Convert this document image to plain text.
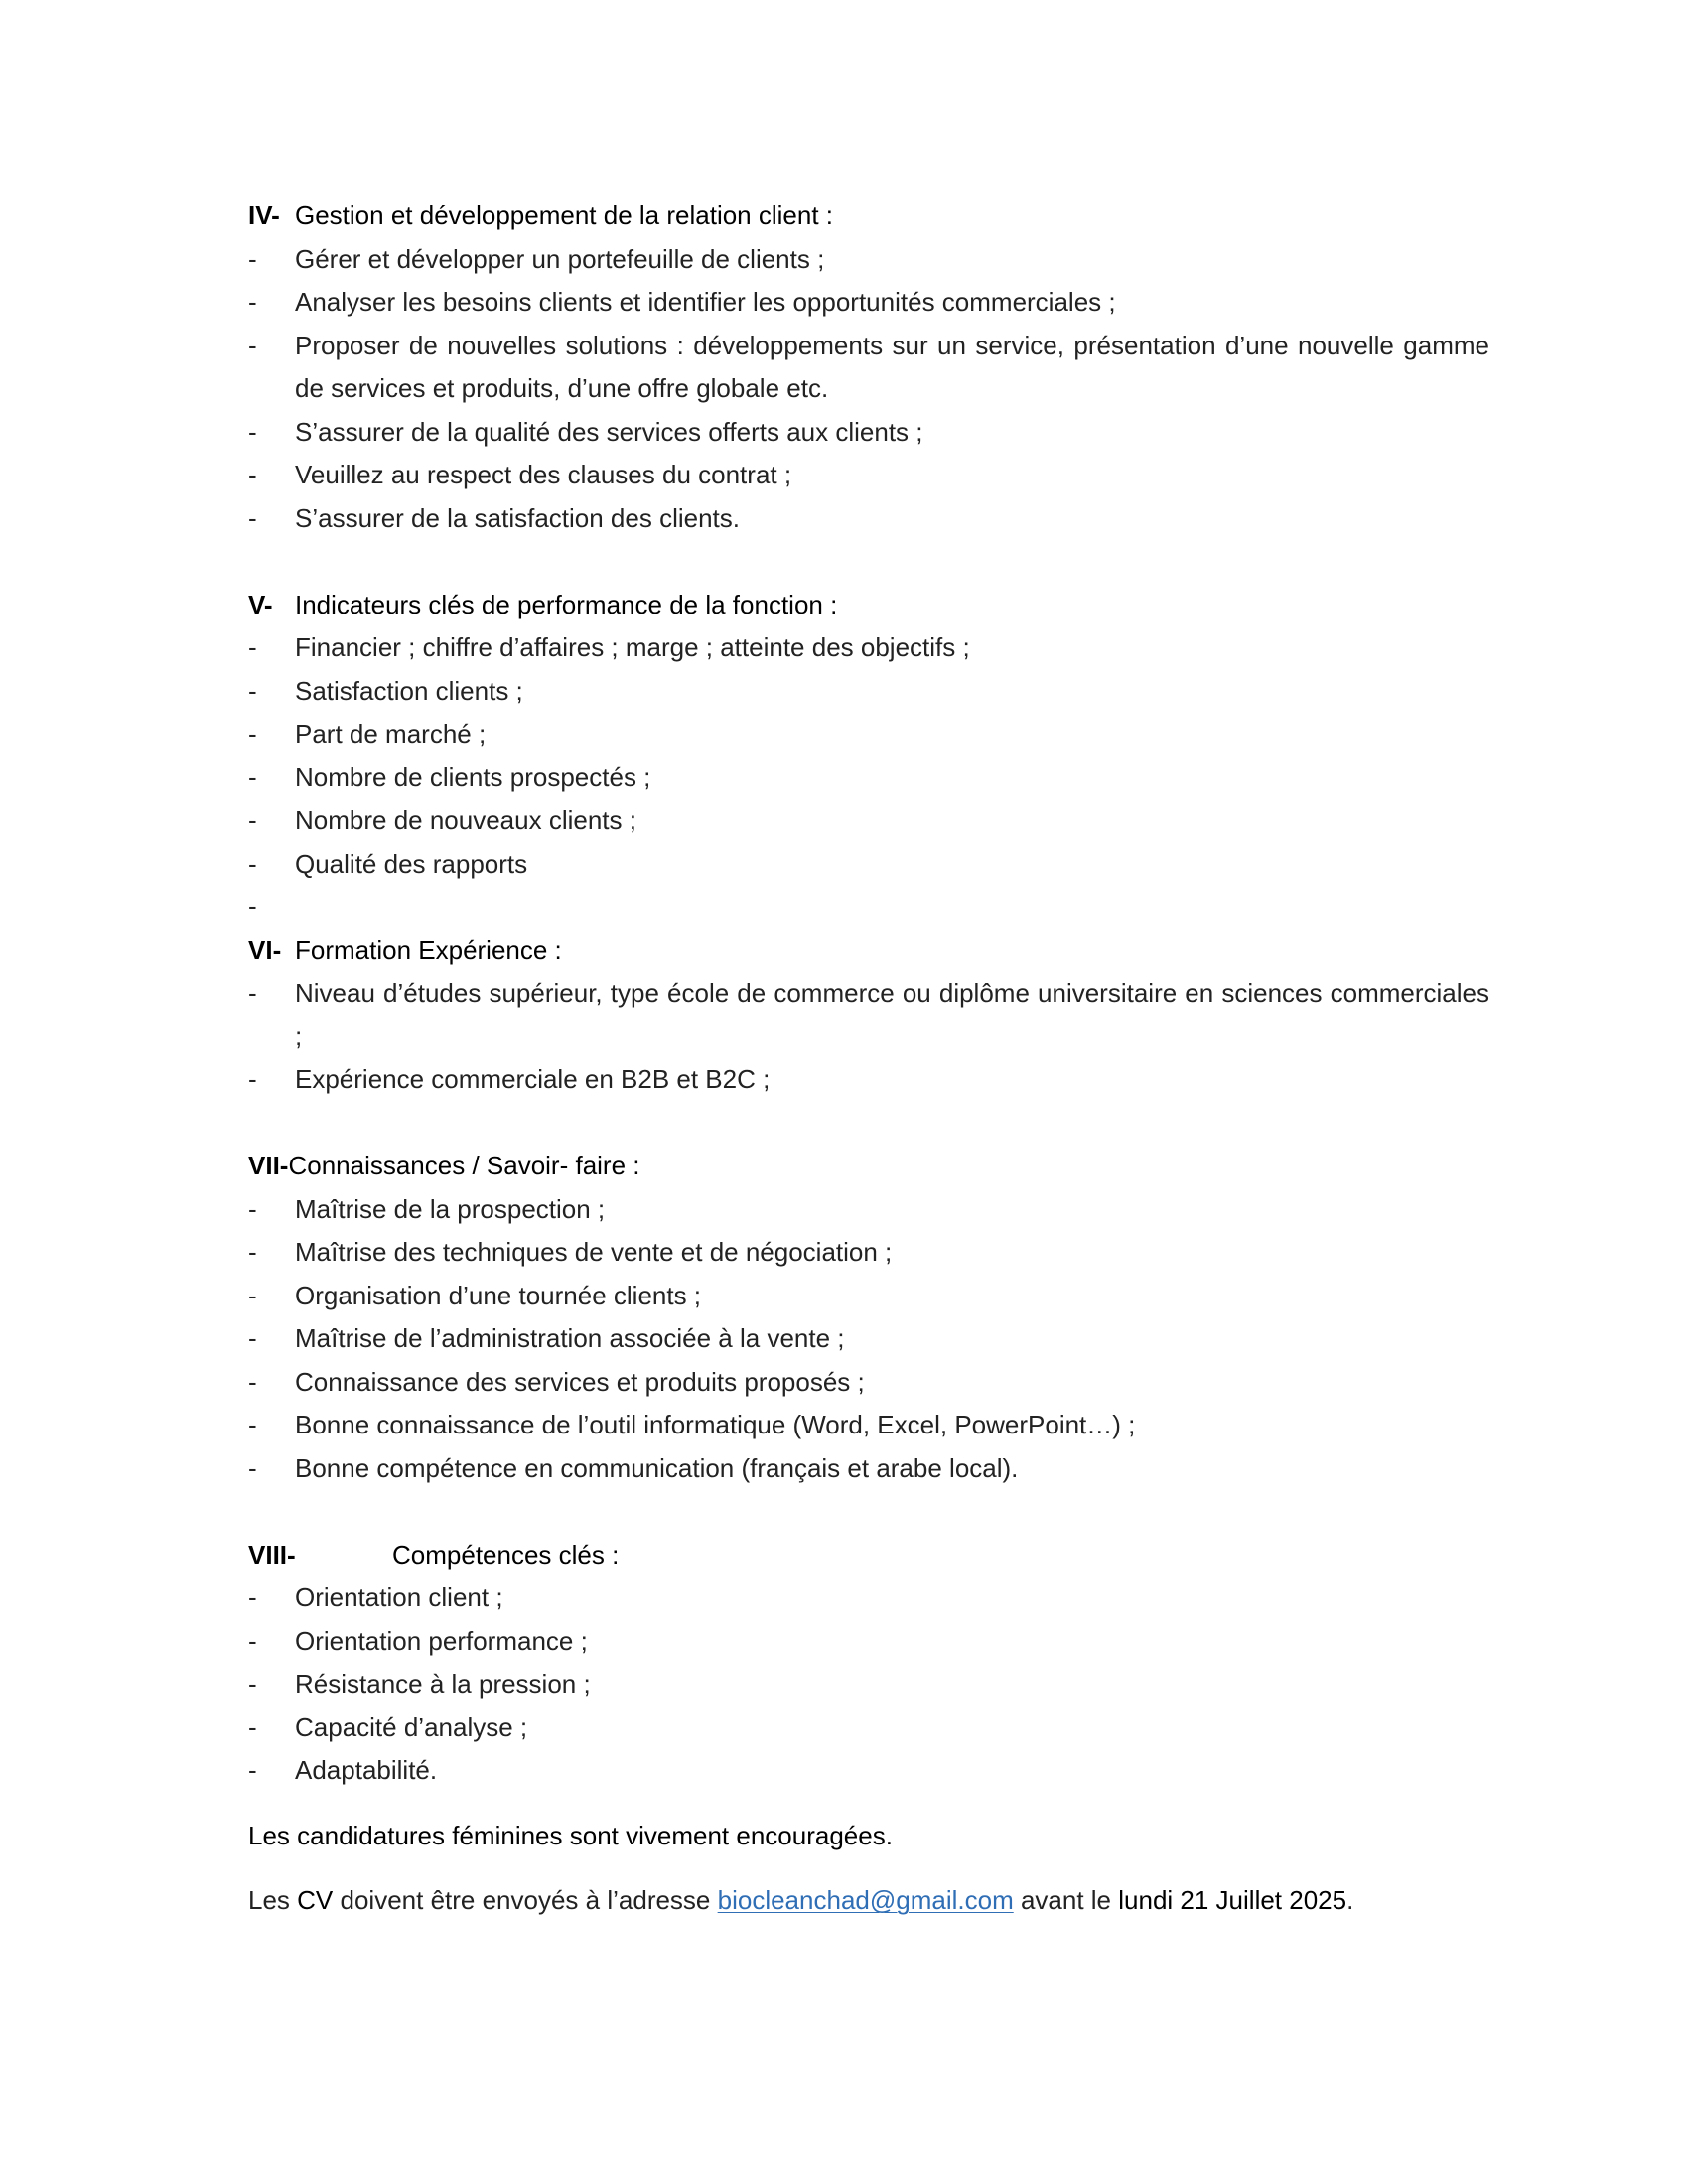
IV- Gestion et développement de la relation client :
-	Gérer et développer un portefeuille de clients ;
-	Analyser les besoins clients et identifier les opportunités commerciales ;
-	Proposer de nouvelles solutions : développements sur un service, présentation d’une nouvelle gamme de services et produits, d’une offre globale etc.
-	S’assurer de la qualité des services offerts aux clients ;
-	Veuillez au respect des clauses du contrat ;
-	S’assurer de la satisfaction des clients.
V- Indicateurs clés de performance de la fonction :
-	Financier ; chiffre d’affaires ; marge ; atteinte des objectifs ;
-	Satisfaction clients ;
-	Part de marché ;
-	Nombre de clients prospectés ;
-	Nombre de nouveaux clients ;
-	Qualité des rapports
-
VI- Formation Expérience :
-	Niveau d’études supérieur, type école de commerce ou diplôme universitaire en sciences commerciales ;
-	Expérience commerciale en B2B et B2C ;
VII-Connaissances / Savoir- faire :
-	Maîtrise de la prospection ;
-	Maîtrise des techniques de vente et de négociation ;
-	Organisation d’une tournée clients ;
-	Maîtrise de l’administration associée à la vente ;
-	Connaissance des services et produits proposés ;
-	Bonne connaissance de l’outil informatique (Word, Excel, PowerPoint…) ;
-	Bonne compétence en communication (français et arabe local).
VIII-	Compétences clés :
-	Orientation client ;
-	Orientation performance ;
-	Résistance à la pression ;
-	Capacité d’analyse ;
-	Adaptabilité.
Les candidatures féminines sont vivement encouragées.
Les CV doivent être envoyés à l’adresse biocleanchad@gmail.com avant le lundi 21 Juillet 2025.
